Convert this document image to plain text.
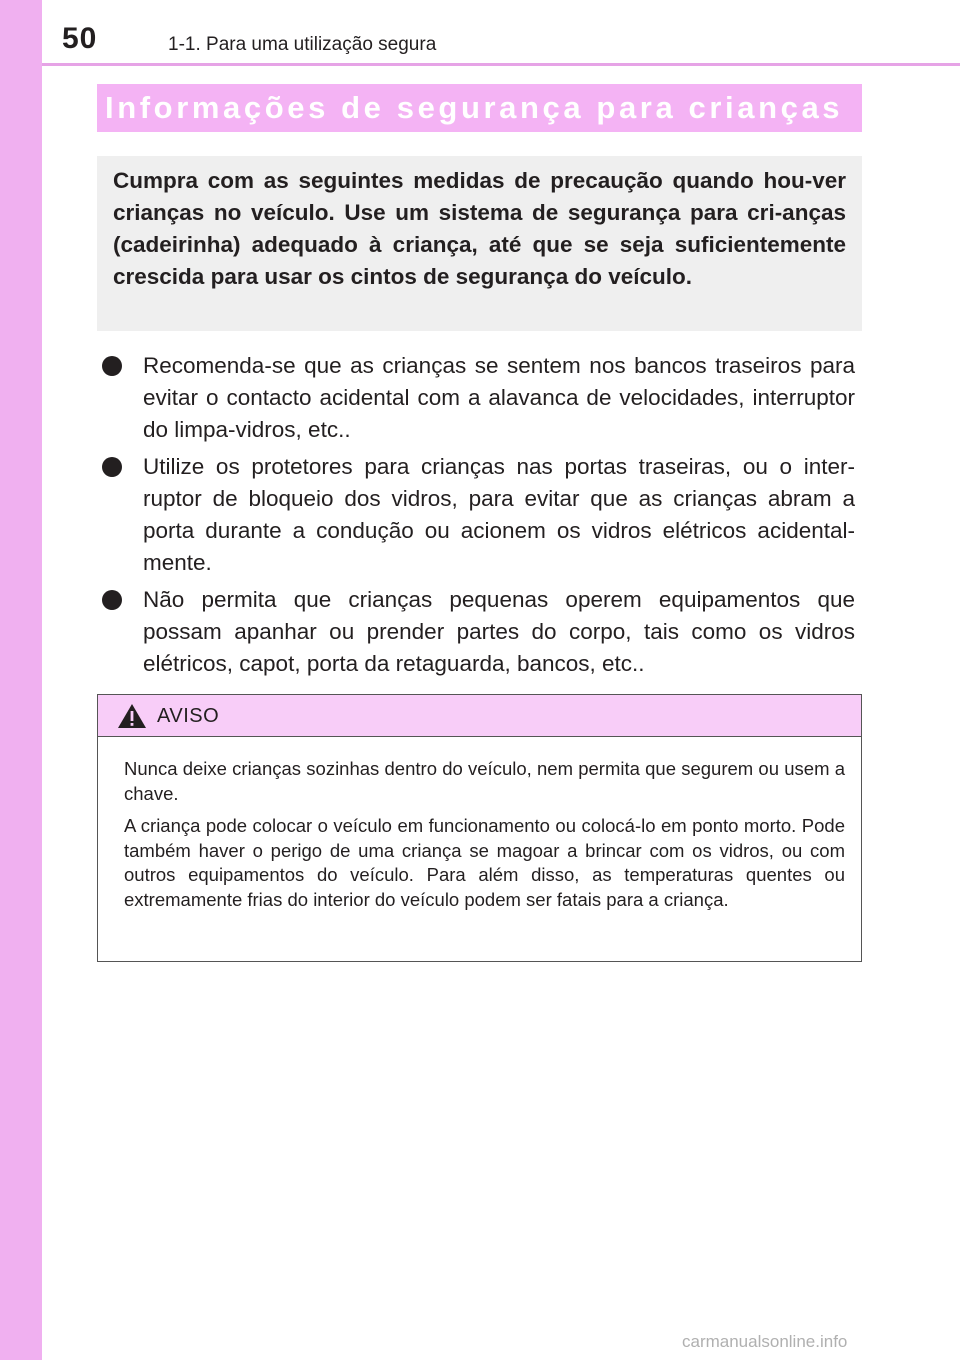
50	1-1. Para uma utilização segura
Informações de segurança para crianças

Cumpra com as seguintes medidas de precaução quando hou-ver crianças no veículo. Use um sistema de segurança para cri-anças (cadeirinha) adequado à criança, até que se seja suficientemente crescida para usar os cintos de segurança do veículo.

Recomenda-se que as crianças se sentem nos bancos traseiros para evitar o contacto acidental com a alavanca de velocidades, interruptor do limpa-vidros, etc..
Utilize os protetores para crianças nas portas traseiras, ou o inter-ruptor de bloqueio dos vidros, para evitar que as crianças abram a porta durante a condução ou acionem os vidros elétricos acidental-mente.
Não permita que crianças pequenas operem equipamentos que possam apanhar ou prender partes do corpo, tais como os vidros elétricos, capot, porta da retaguarda, bancos, etc..
AVISO

Nunca deixe crianças sozinhas dentro do veículo, nem permita que segurem ou usem a chave.

A criança pode colocar o veículo em funcionamento ou colocá-lo em ponto morto. Pode também haver o perigo de uma criança se magoar a brincar com os vidros, ou com outros equipamentos do veículo. Para além disso, as temperaturas quentes ou extremamente frias do interior do veículo podem ser fatais para a criança.

carmanualsonline.info
